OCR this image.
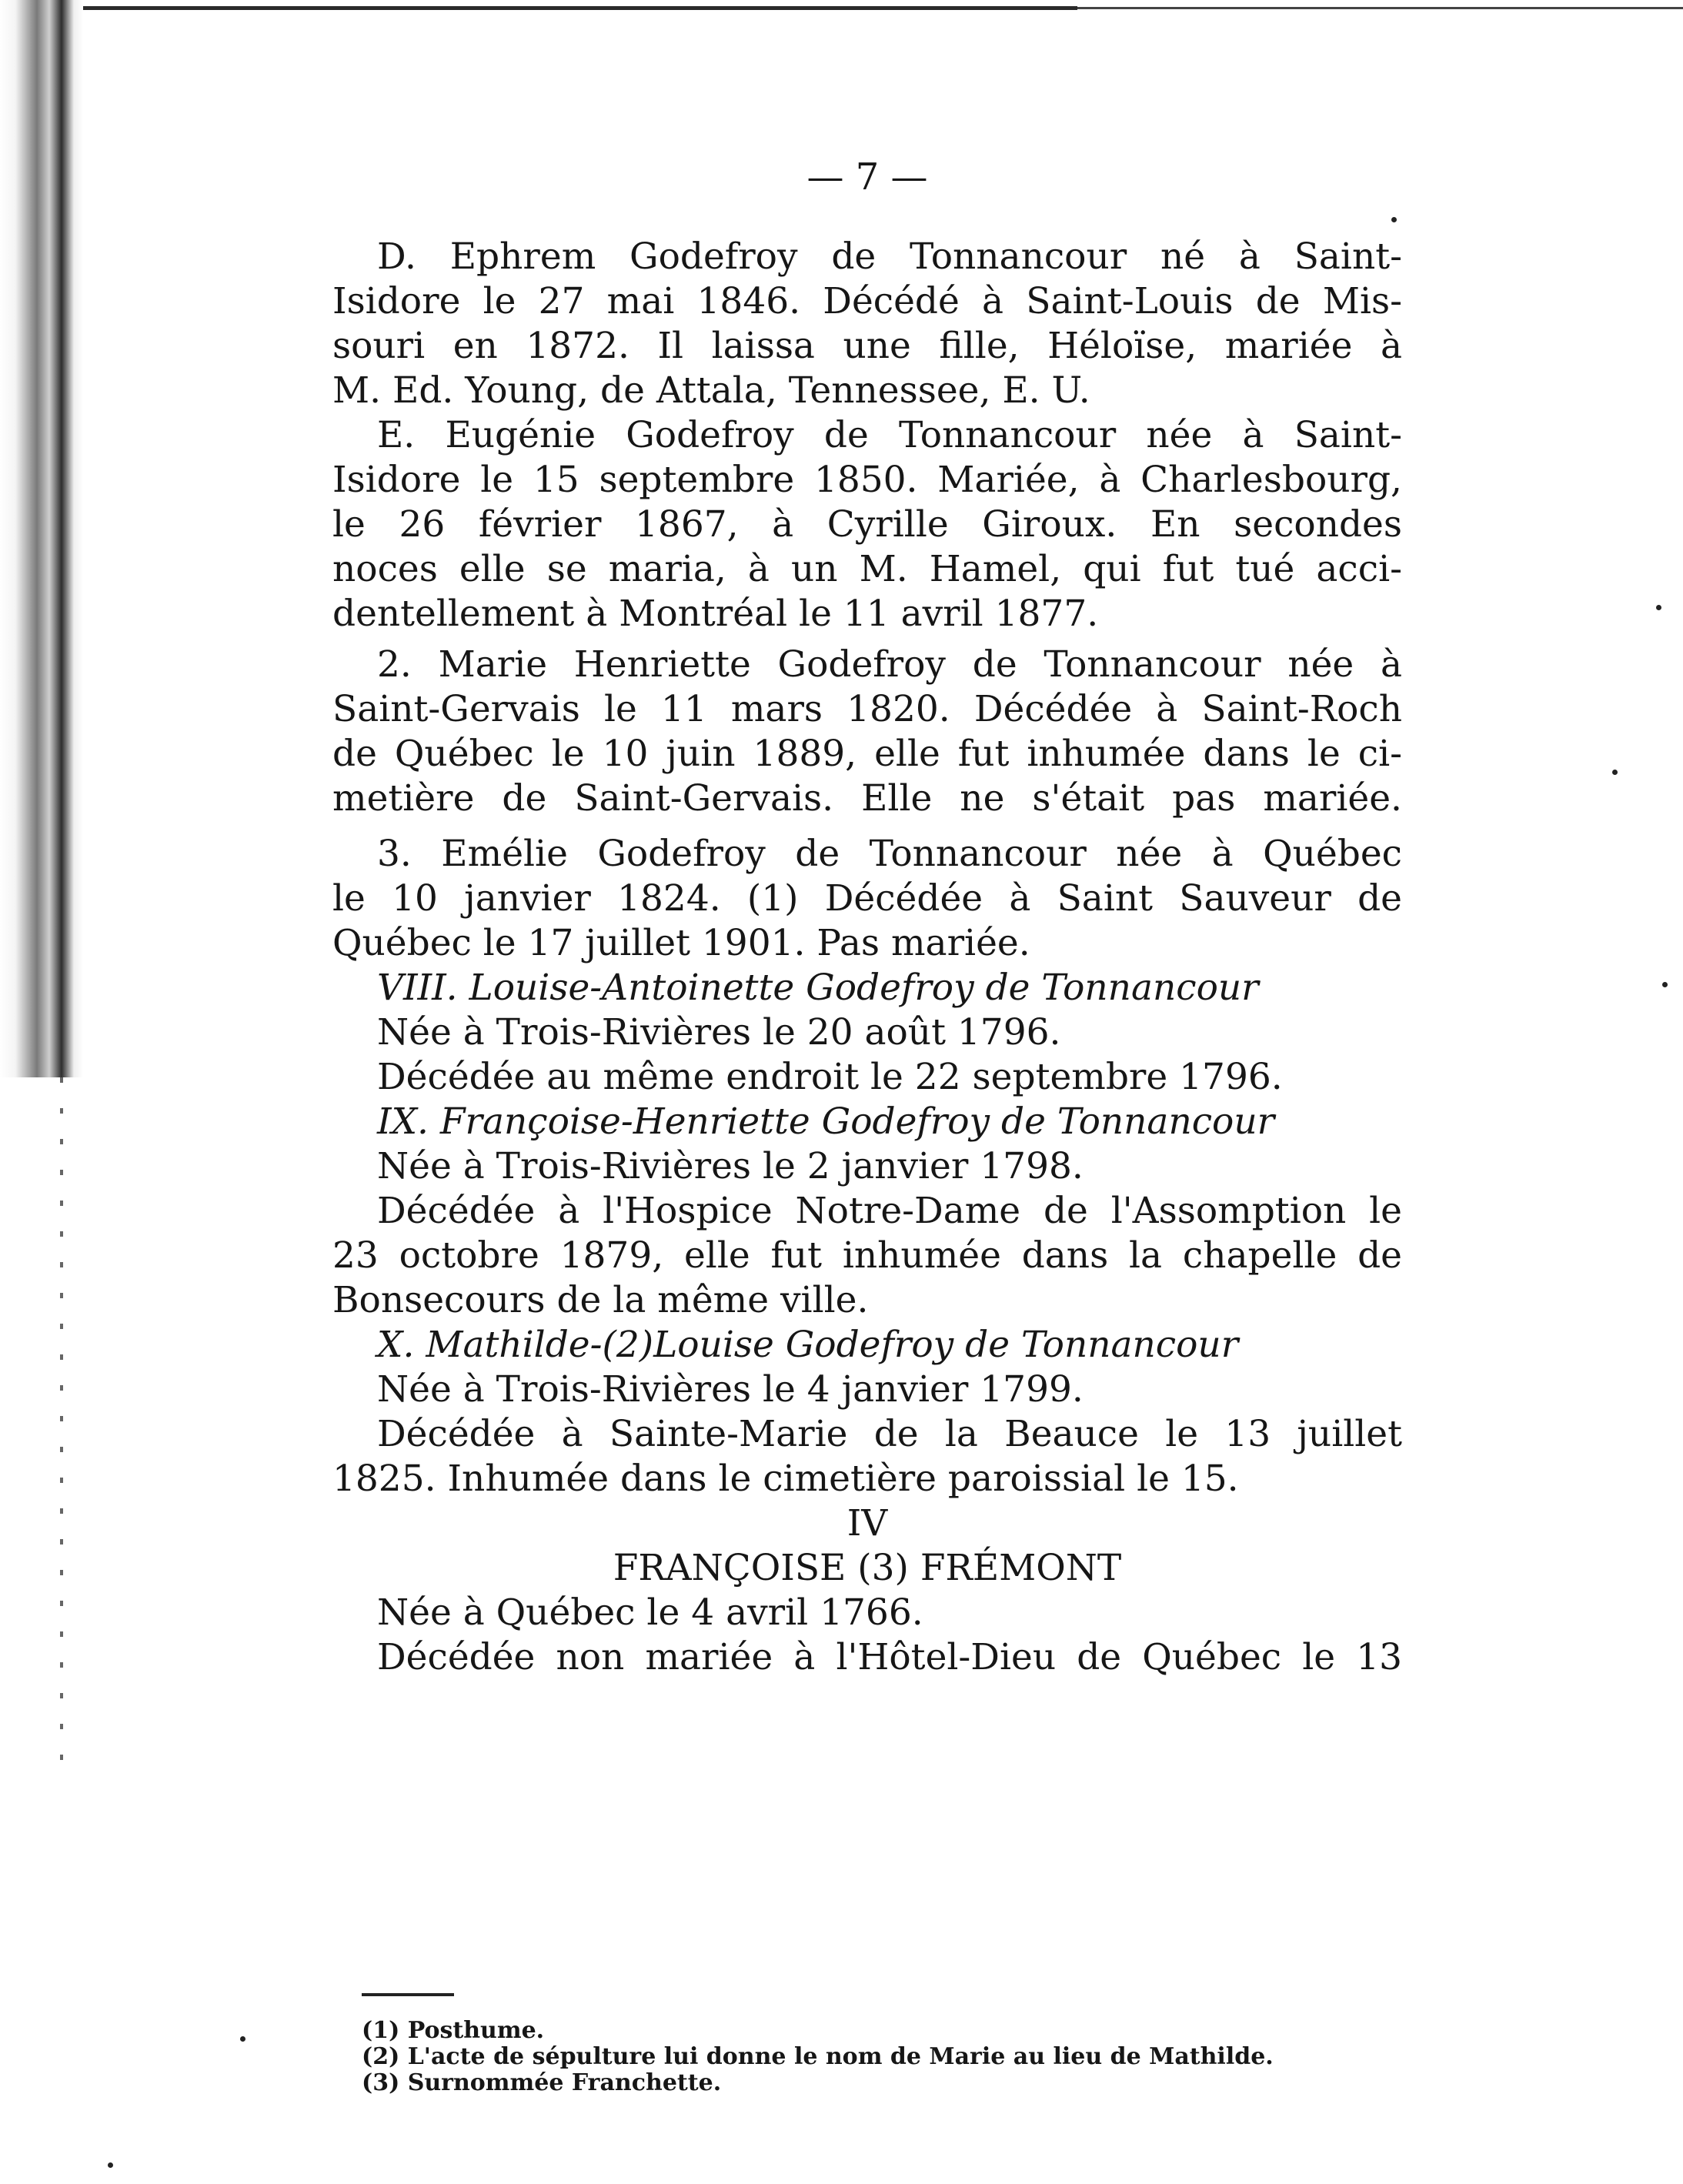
— 7 —
D. Ephrem Godefroy de Tonnancour né à Saint-
Isidore le 27 mai 1846. Décédé à Saint-Louis de Mis-
souri en 1872. Il laissa une fille, Héloïse, mariée à
M. Ed. Young, de Attala, Tennessee, E. U.
E. Eugénie Godefroy de Tonnancour née à Saint-
Isidore le 15 septembre 1850. Mariée, à Charlesbourg,
le 26 février 1867, à Cyrille Giroux. En secondes
noces elle se maria, à un M. Hamel, qui fut tué acci-
dentellement à Montréal le 11 avril 1877.
2. Marie Henriette Godefroy de Tonnancour née à
Saint-Gervais le 11 mars 1820. Décédée à Saint-Roch
de Québec le 10 juin 1889, elle fut inhumée dans le ci-
metière de Saint-Gervais. Elle ne s'était pas mariée.
3. Emélie Godefroy de Tonnancour née à Québec
le 10 janvier 1824. (1) Décédée à Saint Sauveur de
Québec le 17 juillet 1901. Pas mariée.
VIII. Louise-Antoinette Godefroy de Tonnancour
Née à Trois-Rivières le 20 août 1796.
Décédée au même endroit le 22 septembre 1796.
IX. Françoise-Henriette Godefroy de Tonnancour
Née à Trois-Rivières le 2 janvier 1798.
Décédée à l'Hospice Notre-Dame de l'Assomption le
23 octobre 1879, elle fut inhumée dans la chapelle de
Bonsecours de la même ville.
X. Mathilde-(2)Louise Godefroy de Tonnancour
Née à Trois-Rivières le 4 janvier 1799.
Décédée à Sainte-Marie de la Beauce le 13 juillet
1825. Inhumée dans le cimetière paroissial le 15.
IV
FRANÇOISE (3) FRÉMONT
Née à Québec le 4 avril 1766.
Décédée non mariée à l'Hôtel-Dieu de Québec le 13
(1) Posthume.
(2) L'acte de sépulture lui donne le nom de Marie au lieu de Mathilde.
(3) Surnommée Franchette.
